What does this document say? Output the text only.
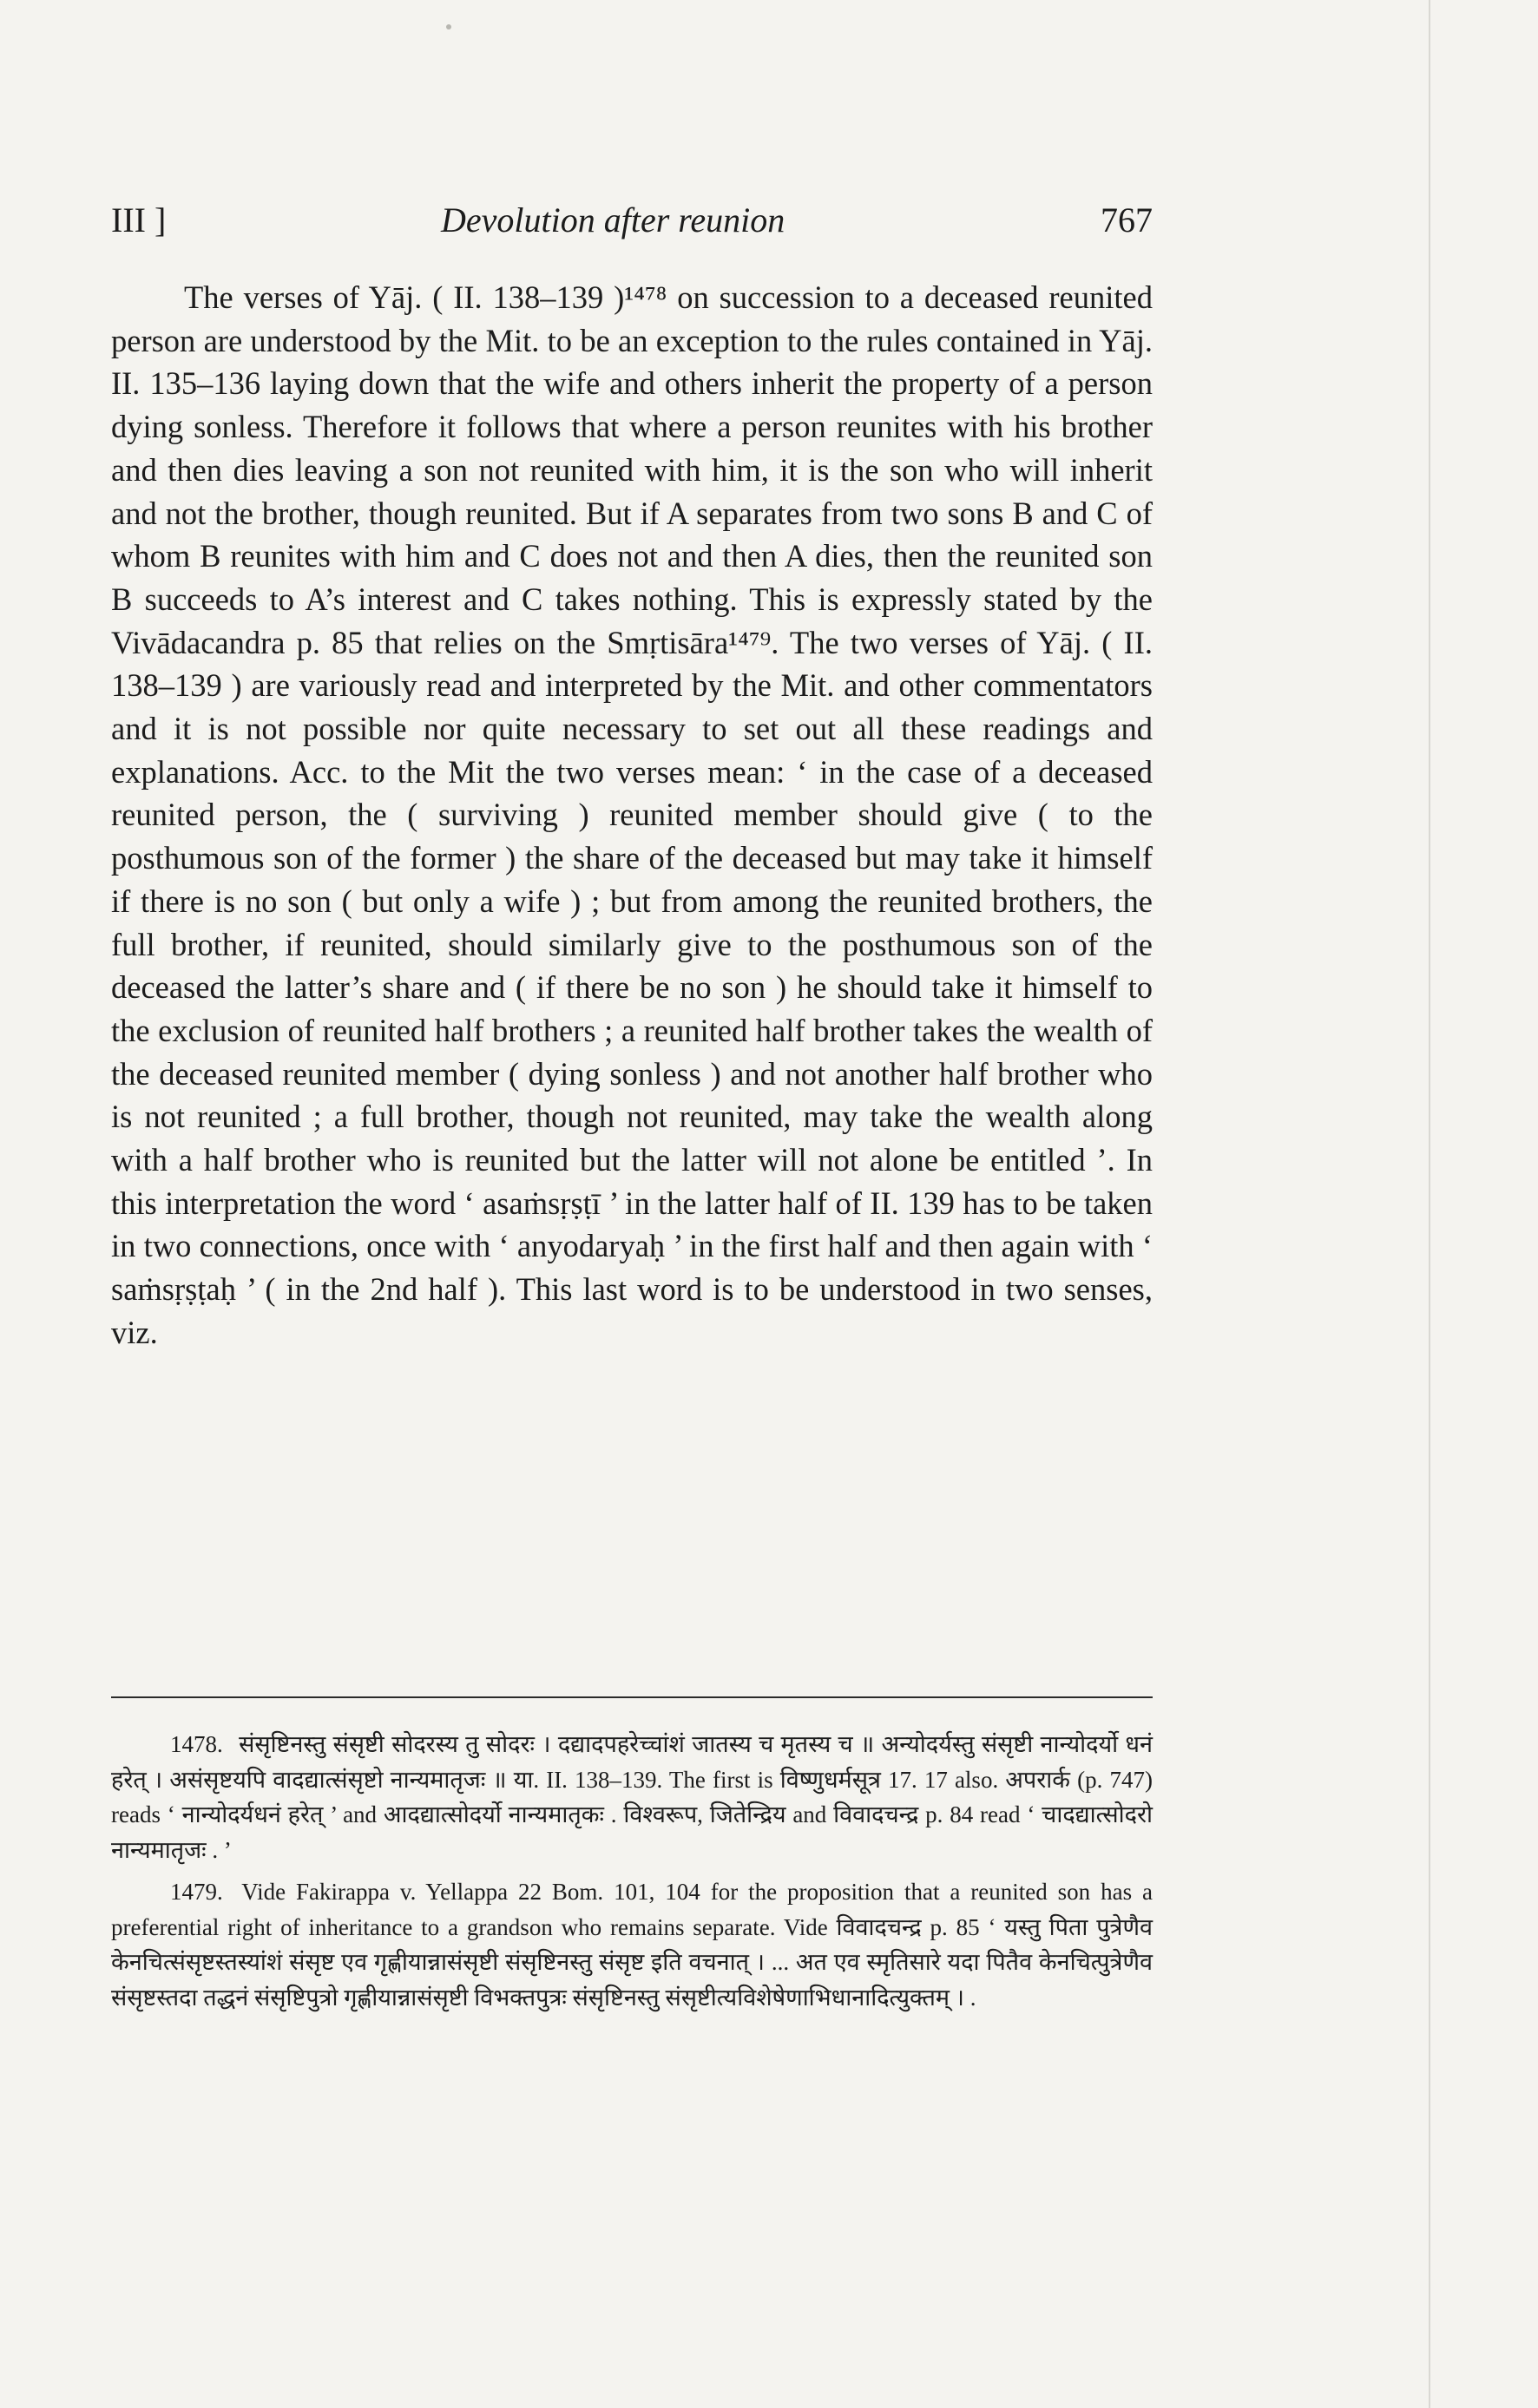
III ]	Devolution after reunion	767

The verses of Yāj. ( II. 138–139 )¹⁴⁷⁸ on succession to a deceased reunited person are understood by the Mit. to be an exception to the rules contained in Yāj. II. 135–136 laying down that the wife and others inherit the property of a person dying sonless. Therefore it follows that where a person reunites with his brother and then dies leaving a son not reunited with him, it is the son who will inherit and not the brother, though reunited. But if A separates from two sons B and C of whom B reunites with him and C does not and then A dies, then the reunited son B succeeds to A’s interest and C takes nothing. This is expressly stated by the Vivādacandra p. 85 that relies on the Smṛtisāra¹⁴⁷⁹. The two verses of Yāj. ( II. 138–139 ) are variously read and interpreted by the Mit. and other commentators and it is not possible nor quite necessary to set out all these readings and explanations. Acc. to the Mit the two verses mean: ‘ in the case of a deceased reunited person, the ( surviving ) reunited member should give ( to the posthumous son of the former ) the share of the deceased but may take it himself if there is no son ( but only a wife ) ; but from among the reunited brothers, the full brother, if reunited, should similarly give to the posthumous son of the deceased the latter’s share and ( if there be no son ) he should take it himself to the exclusion of reunited half brothers ; a reunited half brother takes the wealth of the deceased reunited member ( dying sonless ) and not another half brother who is not reunited ; a full brother, though not reunited, may take the wealth along with a half brother who is reunited but the latter will not alone be entitled ’. In this interpretation the word ‘ asaṁsṛṣṭī ’ in the latter half of II. 139 has to be taken in two connections, once with ‘ anyodaryaḥ ’ in the first half and then again with ‘ saṁsṛṣṭaḥ ’ ( in the 2nd half ). This last word is to be understood in two senses, viz.

1478. संसृष्टिनस्तु संसृष्टी सोदरस्य तु सोदरः । दद्यादपहरेच्चांशं जातस्य च मृतस्य च ॥ अन्योदर्यस्तु संसृष्टी नान्योदर्यो धनं हरेत् । असंसृष्टयपि वादद्यात्संसृष्टो नान्यमातृजः ॥ या. II. 138–139. The first is विष्णुधर्मसूत्र 17. 17 also. अपरार्क (p. 747) reads ‘ नान्योदर्यधनं हरेत् ’ and आदद्यात्सोदर्यो नान्यमातृकः . विश्वरूप, जितेन्द्रिय and विवादचन्द्र p. 84 read ‘ चादद्यात्सोदरो नान्यमातृजः . ’

1479. Vide Fakirappa v. Yellappa 22 Bom. 101, 104 for the proposition that a reunited son has a preferential right of inheritance to a grandson who remains separate. Vide विवादचन्द्र p. 85 ‘ यस्तु पिता पुत्रेणैव केनचित्संसृष्टस्तस्यांशं संसृष्ट एव गृह्णीयान्नासंसृष्टी संसृष्टिनस्तु संसृष्ट इति वचनात् । ... अत एव स्मृतिसारे यदा पितैव केनचित्पुत्रेणैव संसृष्टस्तदा तद्धनं संसृष्टिपुत्रो गृह्णीयान्नासंसृष्टी विभक्तपुत्रः संसृष्टिनस्तु संसृष्टीत्यविशेषेणाभिधानादित्युक्तम् । .
